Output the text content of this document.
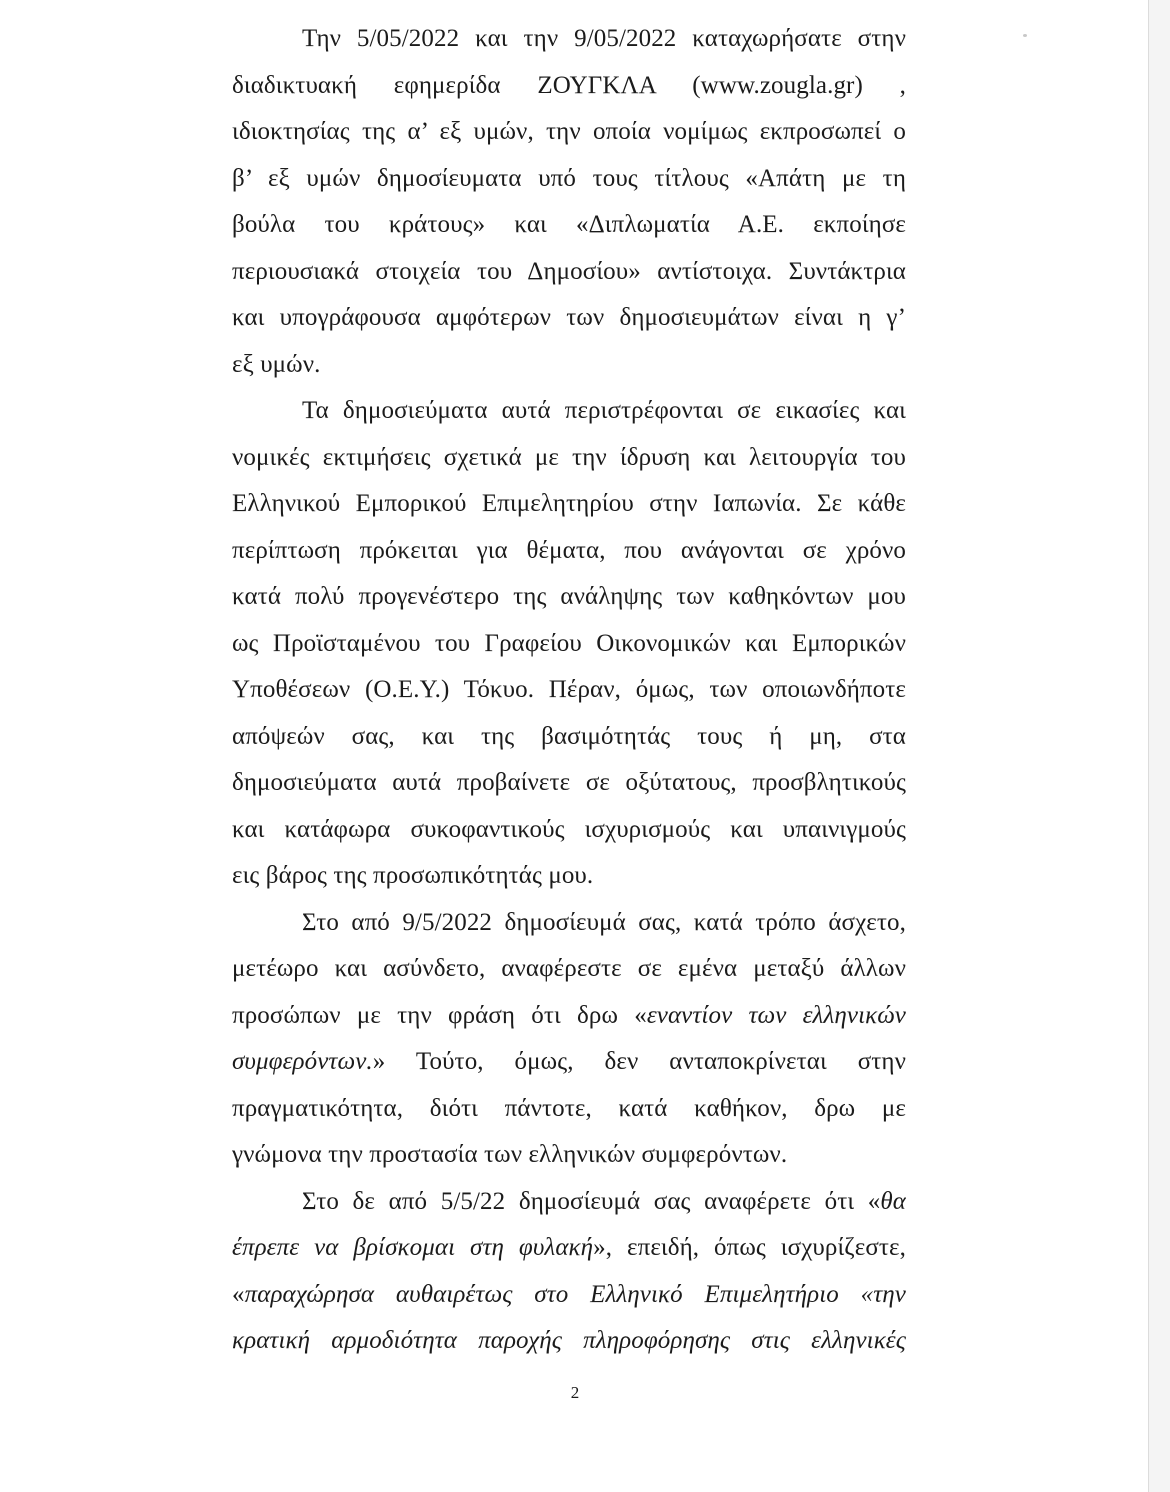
Την 5/05/2022 και την 9/05/2022 καταχωρήσατε στην
διαδικτυακή εφημερίδα ΖΟΥΓΚΛΑ (www.zougla.gr) ,
ιδιοκτησίας της α’ εξ υμών, την οποία νομίμως εκπροσωπεί ο
β’ εξ υμών δημοσίευματα υπό τους τίτλους «Απάτη με τη
βούλα του κράτους» και «Διπλωματία Α.Ε. εκποίησε
περιουσιακά στοιχεία του Δημοσίου» αντίστοιχα. Συντάκτρια
και υπογράφουσα αμφότερων των δημοσιευμάτων είναι η γ’
εξ υμών.
Τα δημοσιεύματα αυτά περιστρέφονται σε εικασίες και
νομικές εκτιμήσεις σχετικά με την ίδρυση και λειτουργία του
Ελληνικού Εμπορικού Επιμελητηρίου στην Ιαπωνία. Σε κάθε
περίπτωση πρόκειται για θέματα, που ανάγονται σε χρόνο
κατά πολύ προγενέστερο της ανάληψης των καθηκόντων μου
ως Προϊσταμένου του Γραφείου Οικονομικών και Εμπορικών
Υποθέσεων (Ο.Ε.Υ.) Τόκυο. Πέραν, όμως, των οποιωνδήποτε
απόψεών σας, και της βασιμότητάς τους ή μη, στα
δημοσιεύματα αυτά προβαίνετε σε οξύτατους, προσβλητικούς
και κατάφωρα συκοφαντικούς ισχυρισμούς και υπαινιγμούς
εις βάρος της προσωπικότητάς μου.
Στο από 9/5/2022 δημοσίευμά σας, κατά τρόπο άσχετο,
μετέωρο και ασύνδετο, αναφέρεστε σε εμένα μεταξύ άλλων
προσώπων με την φράση ότι δρω «εναντίον των ελληνικών
συμφερόντων.» Τούτο, όμως, δεν ανταποκρίνεται στην
πραγματικότητα, διότι πάντοτε, κατά καθήκον, δρω με
γνώμονα την προστασία των ελληνικών συμφερόντων.
Στο δε από 5/5/22 δημοσίευμά σας αναφέρετε ότι «θα
έπρεπε να βρίσκομαι στη φυλακή», επειδή, όπως ισχυρίζεστε,
«παραχώρησα αυθαιρέτως στο Ελληνικό Επιμελητήριο «την
κρατική αρμοδιότητα παροχής πληροφόρησης στις ελληνικές
2
